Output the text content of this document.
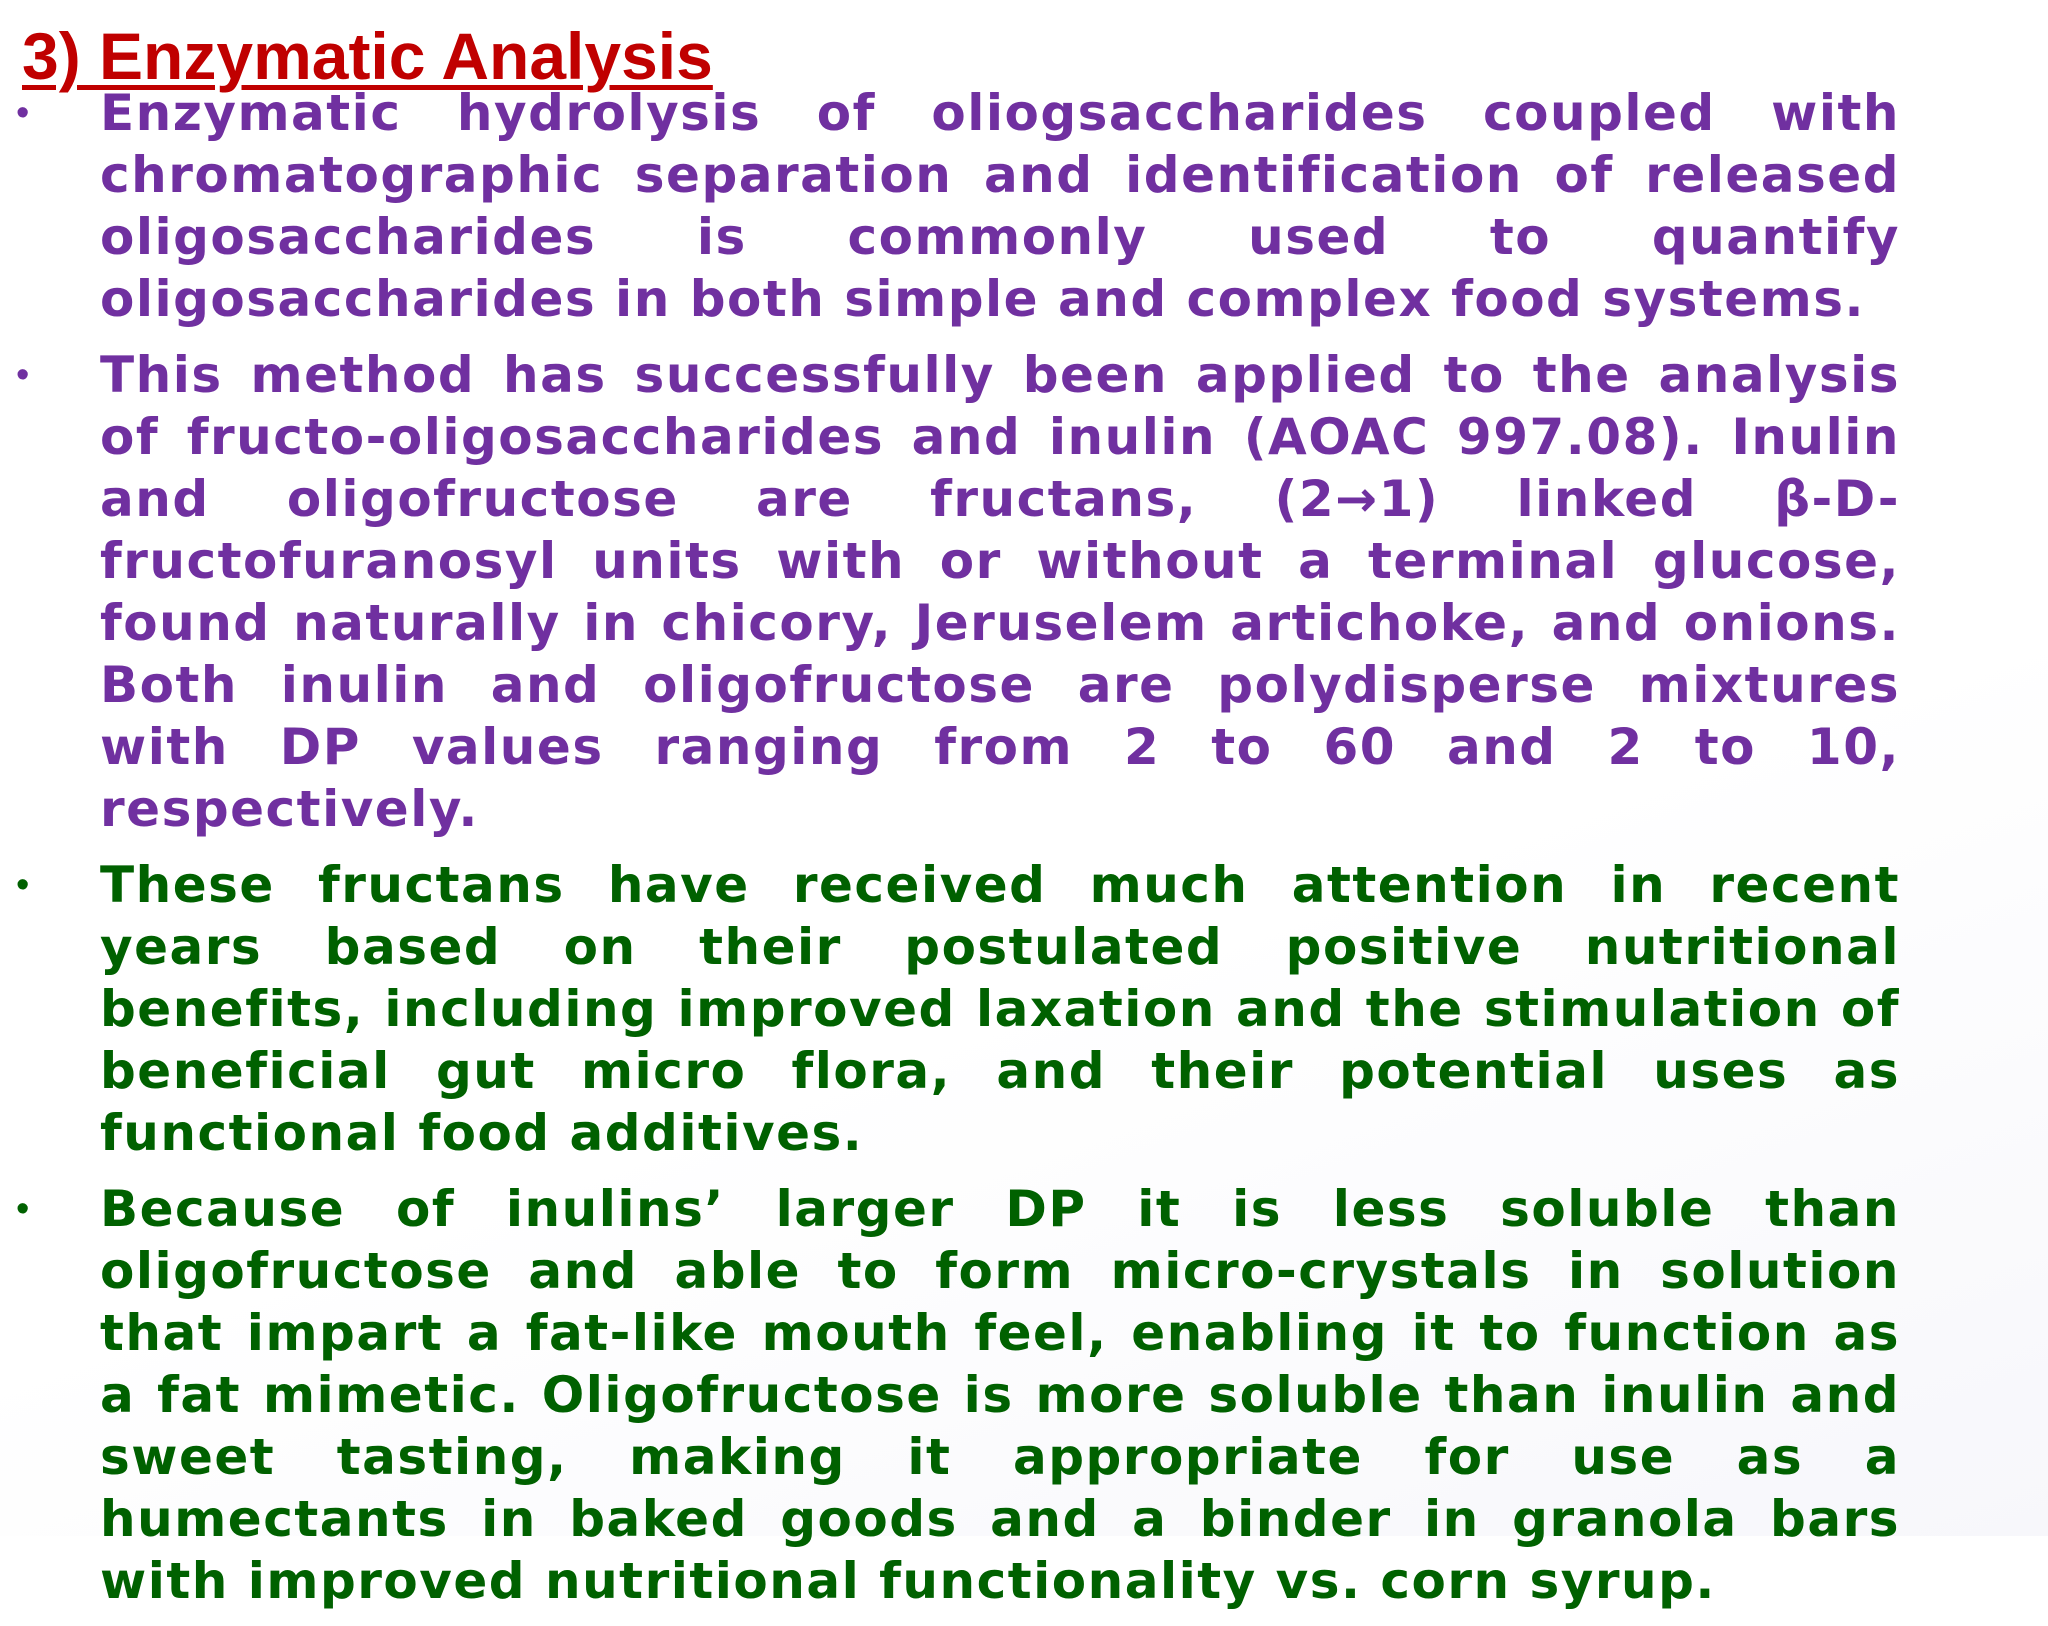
3) Enzymatic Analysis
• Enzymatic hydrolysis of oliogsaccharides coupled with chromatographic separation and identification of released oligosaccharides is commonly used to quantify oligosaccharides in both simple and complex food systems.
• This method has successfully been applied to the analysis of fructo-oligosaccharides and inulin (AOAC 997.08). Inulin and oligofructose are fructans, (2→1) linked β-D-fructofuranosyl units with or without a terminal glucose, found naturally in chicory, Jeruselem artichoke, and onions. Both inulin and oligofructose are polydisperse mixtures with DP values ranging from 2 to 60 and 2 to 10, respectively.
• These fructans have received much attention in recent years based on their postulated positive nutritional benefits, including improved laxation and the stimulation of beneficial gut micro flora, and their potential uses as functional food additives.
• Because of inulins’ larger DP it is less soluble than oligofructose and able to form micro-crystals in solution that impart a fat-like mouth feel, enabling it to function as a fat mimetic. Oligofructose is more soluble than inulin and sweet tasting, making it appropriate for use as a humectants in baked goods and a binder in granola bars with improved nutritional functionality vs. corn syrup.
